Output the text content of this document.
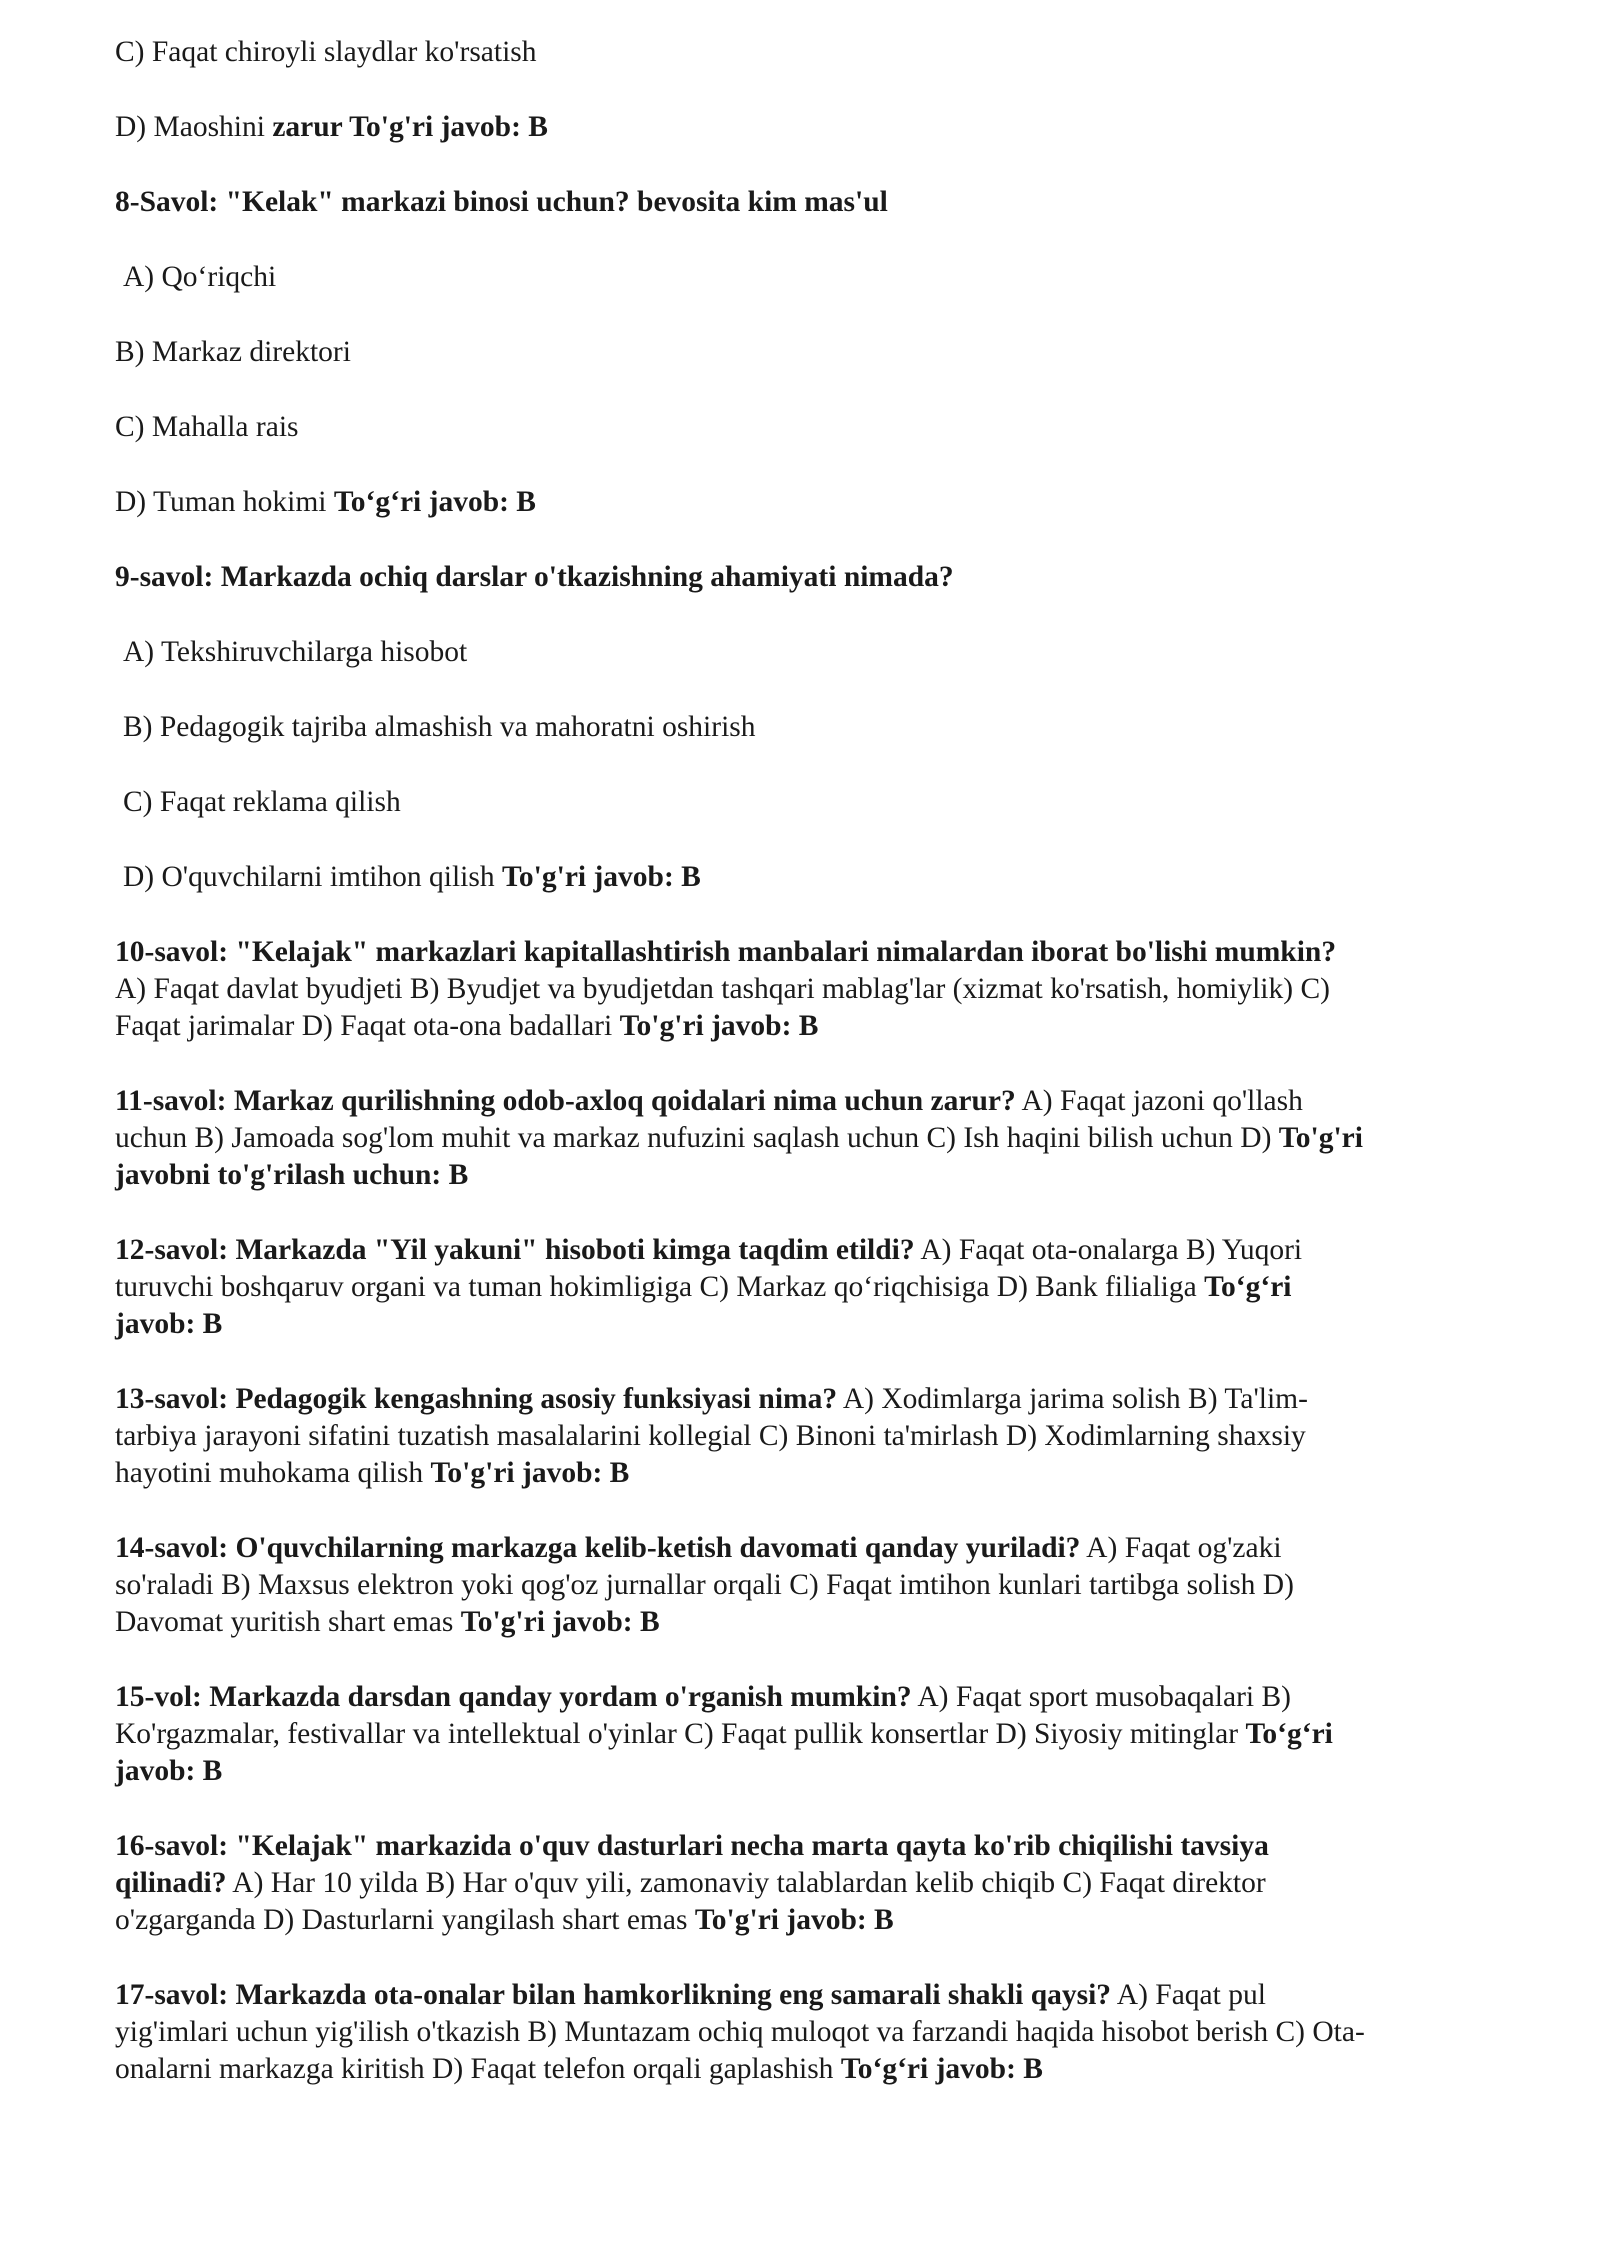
C) Faqat chiroyli slaydlar ko'rsatish
D) Maoshini zarur To'g'ri javob: B
8-Savol: "Kelak" markazi binosi uchun? bevosita kim mas'ul
A) Qo‘riqchi
B) Markaz direktori
C) Mahalla rais
D) Tuman hokimi To‘g‘ri javob: B
9-savol: Markazda ochiq darslar o'tkazishning ahamiyati nimada?
A) Tekshiruvchilarga hisobot
B) Pedagogik tajriba almashish va mahoratni oshirish
C) Faqat reklama qilish
D) O'quvchilarni imtihon qilish To'g'ri javob: B
10-savol: "Kelajak" markazlari kapitallashtirish manbalari nimalardan iborat bo'lishi mumkin?
A) Faqat davlat byudjeti B) Byudjet va byudjetdan tashqari mablag'lar (xizmat ko'rsatish, homiylik) C)
Faqat jarimalar D) Faqat ota-ona badallari To'g'ri javob: B
11-savol: Markaz qurilishning odob-axloq qoidalari nima uchun zarur? A) Faqat jazoni qo'llash
uchun B) Jamoada sog'lom muhit va markaz nufuzini saqlash uchun C) Ish haqini bilish uchun D) To'g'ri
javobni to'g'rilash uchun: B
12-savol: Markazda "Yil yakuni" hisoboti kimga taqdim etildi? A) Faqat ota-onalarga B) Yuqori
turuvchi boshqaruv organi va tuman hokimligiga C) Markaz qo‘riqchisiga D) Bank filialiga To‘g‘ri
javob: B
13-savol: Pedagogik kengashning asosiy funksiyasi nima? A) Xodimlarga jarima solish B) Ta'lim-
tarbiya jarayoni sifatini tuzatish masalalarini kollegial C) Binoni ta'mirlash D) Xodimlarning shaxsiy
hayotini muhokama qilish To'g'ri javob: B
14-savol: O'quvchilarning markazga kelib-ketish davomati qanday yuriladi? A) Faqat og'zaki
so'raladi B) Maxsus elektron yoki qog'oz jurnallar orqali C) Faqat imtihon kunlari tartibga solish D)
Davomat yuritish shart emas To'g'ri javob: B
15-vol: Markazda darsdan qanday yordam o'rganish mumkin? A) Faqat sport musobaqalari B)
Ko'rgazmalar, festivallar va intellektual o'yinlar C) Faqat pullik konsertlar D) Siyosiy mitinglar To‘g‘ri
javob: B
16-savol: "Kelajak" markazida o'quv dasturlari necha marta qayta ko'rib chiqilishi tavsiya
qilinadi? A) Har 10 yilda B) Har o'quv yili, zamonaviy talablardan kelib chiqib C) Faqat direktor
o'zgarganda D) Dasturlarni yangilash shart emas To'g'ri javob: B
17-savol: Markazda ota-onalar bilan hamkorlikning eng samarali shakli qaysi? A) Faqat pul
yig'imlari uchun yig'ilish o'tkazish B) Muntazam ochiq muloqot va farzandi haqida hisobot berish C) Ota-
onalarni markazga kiritish D) Faqat telefon orqali gaplashish To‘g‘ri javob: B
